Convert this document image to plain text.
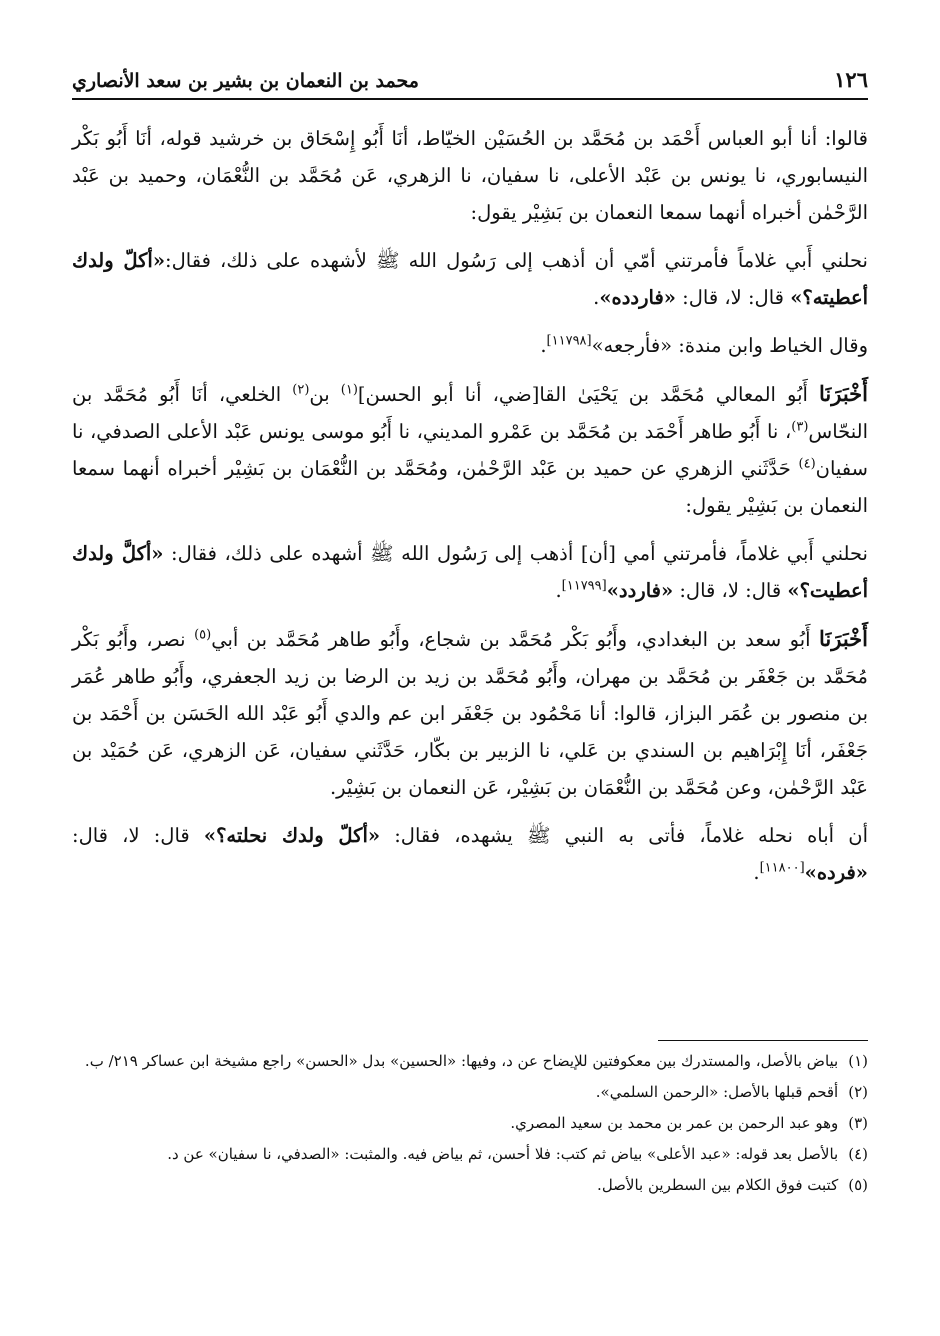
١٢٦
محمد بن النعمان بن بشير بن سعد الأنصاري

قالوا: أنا أبو العباس أَحْمَد بن مُحَمَّد بن الحُسَيْن الخيّاط، أنَا أَبُو إِسْحَاق بن خرشيد قوله، أنَا أَبُو بَكْر النيسابوري، نا يونس بن عَبْد الأعلى، نا سفيان، نا الزهري، عَن مُحَمَّد بن النُّعْمَان، وحميد بن عَبْد الرَّحْمٰن أخبراه أنهما سمعا النعمان بن بَشِيْر يقول:

نحلني أَبي غلاماً فأمرتني أمّي أن أذهب إلى رَسُول الله ﷺ لأشهده على ذلك، فقال:«أكلّ ولدك أعطيته؟» قال: لا، قال: «فاردده».

وقال الخياط وابن مندة: «فأرجعه»[١١٧٩٨].

أَخْبَرَنَا أَبُو المعالي مُحَمَّد بن يَحْيَىٰ القا[ضي، أنا أبو الحسن]$^{(١)}$ بن$^{(٢)}$ الخلعي، أنَا أَبُو مُحَمَّد بن النحّاس$^{(٣)}$، نا أَبُو طاهر أَحْمَد بن مُحَمَّد بن عَمْرو المديني، نا أَبُو موسى يونس عَبْد الأعلى الصدفي، نا سفيان$^{(٤)}$ حَدَّثَني الزهري عن حميد بن عَبْد الرَّحْمٰن، ومُحَمَّد بن النُّعْمَان بن بَشِيْر أخبراه أنهما سمعا النعمان بن بَشِيْر يقول:

نحلني أَبي غلاماً، فأمرتني أمي [أن] أذهب إلى رَسُول الله ﷺ أشهده على ذلك، فقال: «أكلَّ ولدك أعطيت؟» قال: لا، قال: «فاردد»[١١٧٩٩].

أَخْبَرَنَا أَبُو سعد بن البغدادي، وأَبُو بَكْر مُحَمَّد بن شجاع، وأَبُو طاهر مُحَمَّد بن أبي$^{(٥)}$ نصر، وأَبُو بَكْر مُحَمَّد بن جَعْفَر بن مُحَمَّد بن مهران، وأَبُو مُحَمَّد بن زيد بن الرضا بن زيد الجعفري، وأَبُو طاهر عُمَر بن منصور بن عُمَر البزاز، قالوا: أنا مَحْمُود بن جَعْفَر ابن عم والدي أَبُو عَبْد الله الحَسَن بن أَحْمَد بن جَعْفَر، أنَا إِبْرَاهيم بن السندي بن عَلي، نا الزبير بن بكّار، حَدَّثَني سفيان، عَن الزهري، عَن حُمَيْد بن عَبْد الرَّحْمٰن، وعن مُحَمَّد بن النُّعْمَان بن بَشِيْر، عَن النعمان بن بَشِيْر.

أن أباه نحله غلاماً، فأتى به النبي ﷺ يشهده، فقال: «أكلّ ولدك نحلته؟» قال: لا، قال: «فرده»[١١٨٠٠].

(١)
بياض بالأصل، والمستدرك بين معكوفتين للإيضاح عن د، وفيها: «الحسين» بدل «الحسن» راجع مشيخة ابن عساكر ٢١٩/ ب.

(٢)
أقحم قبلها بالأصل: «الرحمن السلمي».

(٣)
وهو عبد الرحمن بن عمر بن محمد بن سعيد المصري.

(٤)
بالأصل بعد قوله: «عبد الأعلى» بياض ثم كتب: فلا أحسن، ثم بياض فيه. والمثبت: «الصدفي، نا سفيان» عن د.

(٥)
كتبت فوق الكلام بين السطرين بالأصل.
